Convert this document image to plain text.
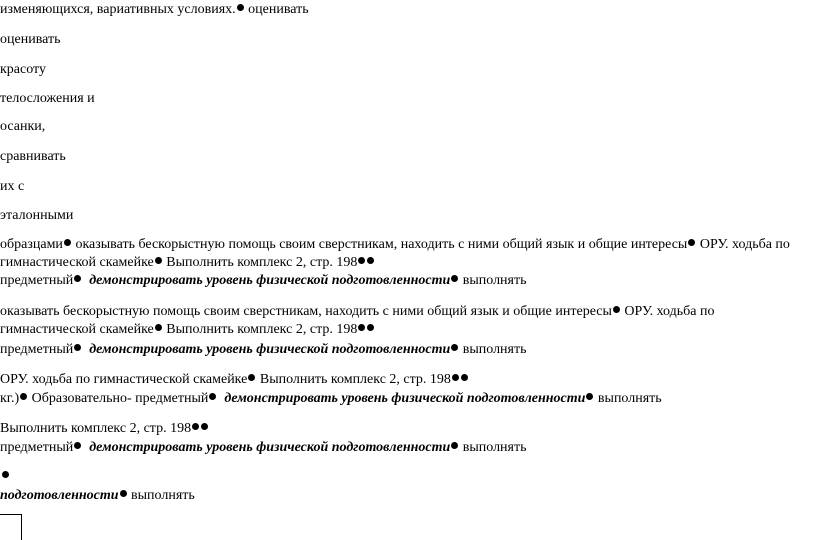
изменяющихся, вариативных условиях. оценивать
оценивать
красоту
телосложения и
осанки,
сравнивать
их с
эталонными
образцами оказывать бескорыстную помощь своим сверстникам, находить с ними общий язык и общие интересы ОРУ. ходьба по
гимнастической скамейке Выполнить комплекс 2, стр. 198
предметный демонстрировать уровень физической подготовленности выполнять
оказывать бескорыстную помощь своим сверстникам, находить с ними общий язык и общие интересы ОРУ. ходьба по
гимнастической скамейке Выполнить комплекс 2, стр. 198
предметный демонстрировать уровень физической подготовленности выполнять
ОРУ. ходьба по гимнастической скамейке Выполнить комплекс 2, стр. 198
кг.) Образовательно- предметный демонстрировать уровень физической подготовленности выполнять
Выполнить комплекс 2, стр. 198
предметный демонстрировать уровень физической подготовленности выполнять
подготовленности выполнять
